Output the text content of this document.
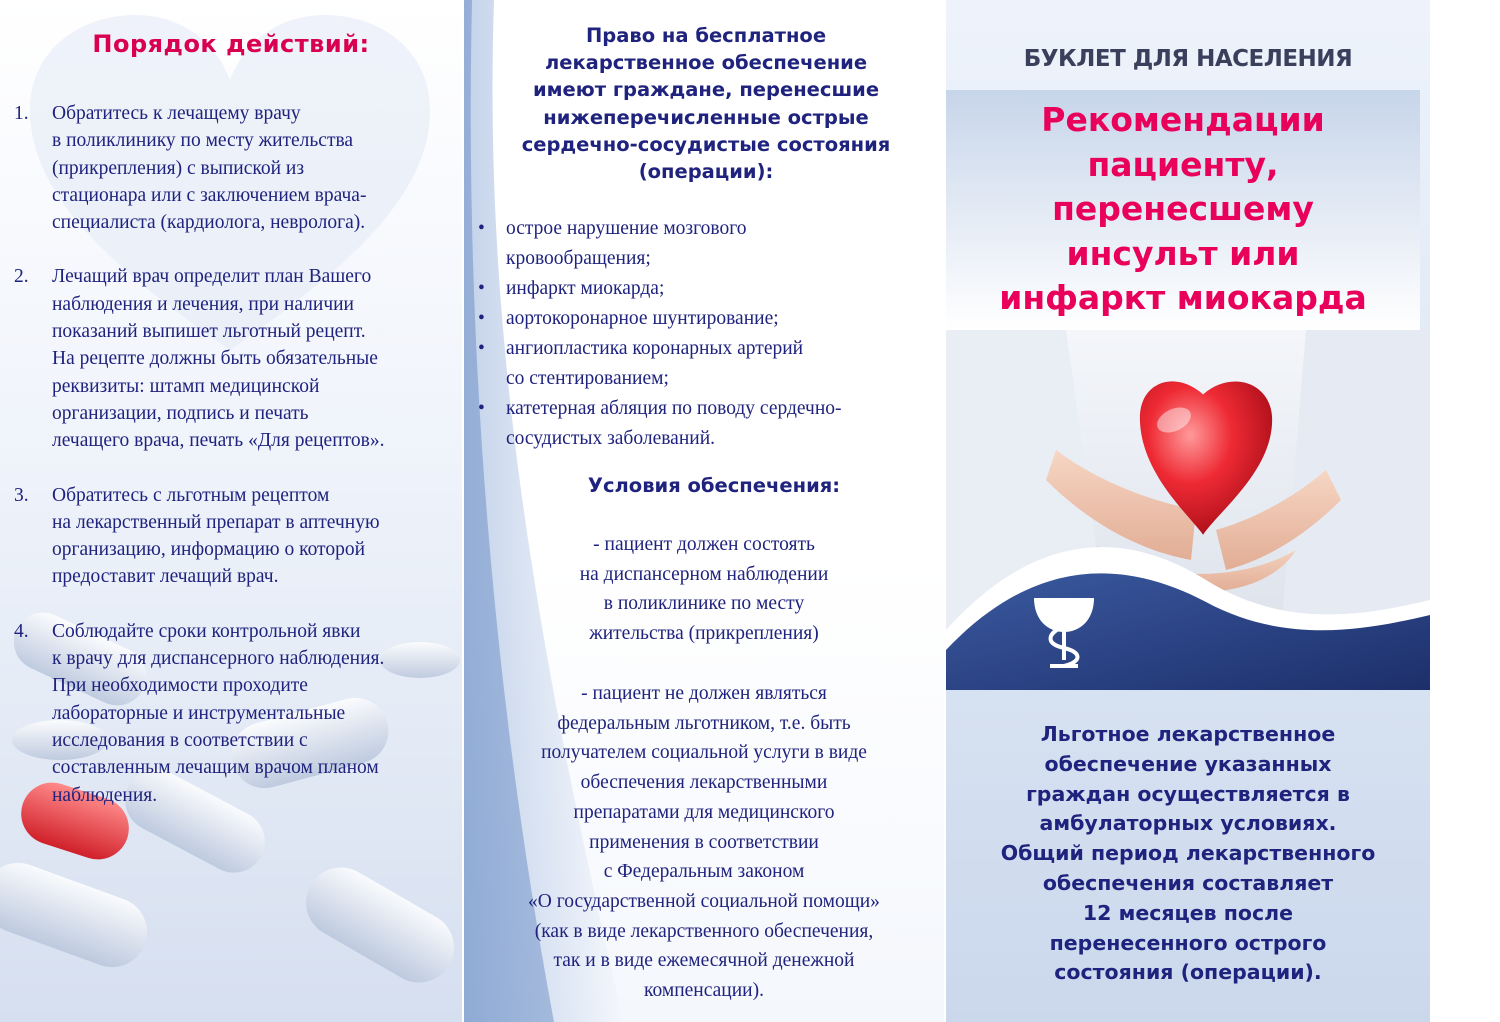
Порядок действий:
1.	Обратитесь к лечащему врачу
в поликлинику по месту жительства
(прикрепления) с выпиской из
стационара или с заключением врача-
специалиста (кардиолога, невролога).
2.	Лечащий врач определит план Вашего
наблюдения и лечения, при наличии
показаний выпишет льготный рецепт.
На рецепте должны быть обязательные
реквизиты: штамп медицинской
организации, подпись и печать
лечащего врача, печать «Для рецептов».
3.	Обратитесь с льготным рецептом
на лекарственный препарат в аптечную
организацию, информацию о которой
предоставит лечащий врач.
4.	Соблюдайте сроки контрольной явки
к врачу для диспансерного наблюдения.
При необходимости проходите
лабораторные и инструментальные
исследования в соответствии с
составленным лечащим врачом планом
наблюдения.
Право на бесплатное
лекарственное обеспечение
имеют граждане, перенесшие
нижеперечисленные острые
сердечно-сосудистые состояния
(операции):
• острое нарушение мозгового
кровообращения;
• инфаркт миокарда;
• аортокоронарное шунтирование;
• ангиопластика коронарных артерий
со стентированием;
• катетерная абляция по поводу сердечно-
сосудистых заболеваний.
Условия обеспечения:
- пациент должен состоять
на диспансерном наблюдении
в поликлинике по месту
жительства (прикрепления)
- пациент не должен являться
федеральным льготником, т.е. быть
получателем социальной услуги в виде
обеспечения лекарственными
препаратами для медицинского
применения в соответствии
с Федеральным законом
«О государственной социальной помощи»
(как в виде лекарственного обеспечения,
так и в виде ежемесячной денежной
компенсации).
БУКЛЕТ ДЛЯ НАСЕЛЕНИЯ
Рекомендации
пациенту,
перенесшему
инсульт или
инфаркт миокарда
Льготное лекарственное
обеспечение указанных
граждан осуществляется в
амбулаторных условиях.
Общий период лекарственного
обеспечения составляет
12 месяцев после
перенесенного острого
состояния (операции).
